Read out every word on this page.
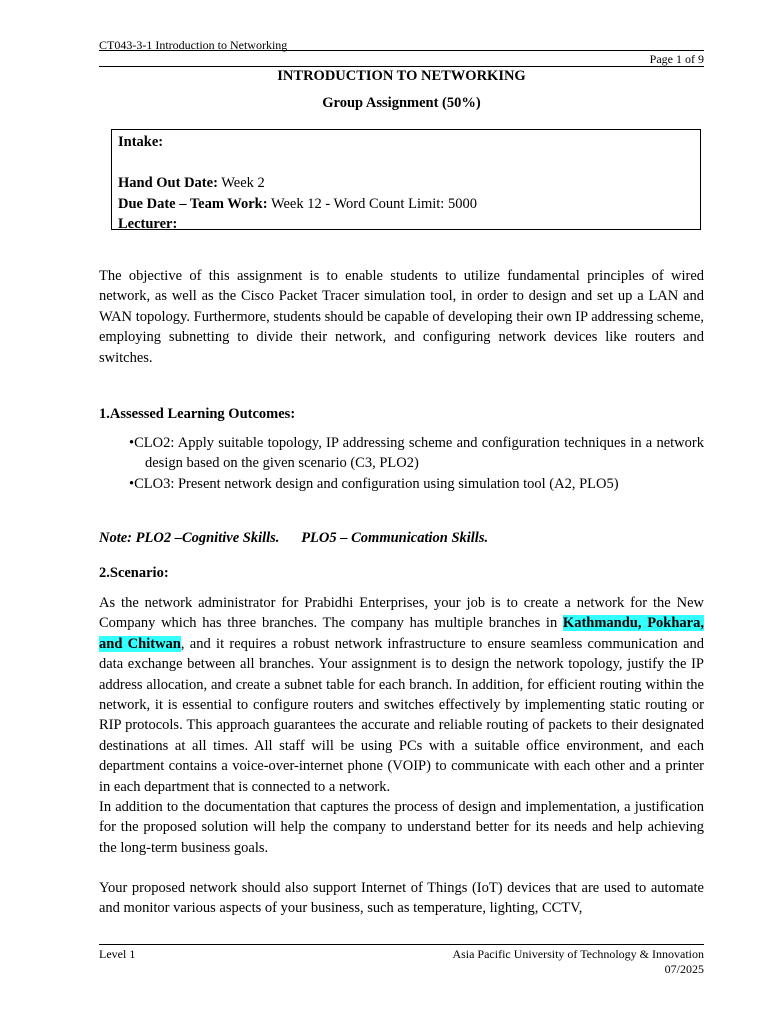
CT043-3-1 Introduction to Networking
Page 1 of 9
INTRODUCTION TO NETWORKING
Group Assignment (50%)
Intake:

Hand Out Date: Week 2
Due Date – Team Work: Week 12 - Word Count Limit: 5000
Lecturer:
The objective of this assignment is to enable students to utilize fundamental principles of wired network, as well as the Cisco Packet Tracer simulation tool, in order to design and set up a LAN and WAN topology. Furthermore, students should be capable of developing their own IP addressing scheme, employing subnetting to divide their network, and configuring network devices like routers and switches.
1.Assessed Learning Outcomes:
•CLO2: Apply suitable topology, IP addressing scheme and configuration techniques in a network design based on the given scenario (C3, PLO2)
•CLO3: Present network design and configuration using simulation tool (A2, PLO5)
Note: PLO2 –Cognitive Skills. PLO5 – Communication Skills.
2.Scenario:
As the network administrator for Prabidhi Enterprises, your job is to create a network for the New Company which has three branches. The company has multiple branches in Kathmandu, Pokhara, and Chitwan, and it requires a robust network infrastructure to ensure seamless communication and data exchange between all branches. Your assignment is to design the network topology, justify the IP address allocation, and create a subnet table for each branch. In addition, for efficient routing within the network, it is essential to configure routers and switches effectively by implementing static routing or RIP protocols. This approach guarantees the accurate and reliable routing of packets to their designated destinations at all times. All staff will be using PCs with a suitable office environment, and each department contains a voice-over-internet phone (VOIP) to communicate with each other and a printer in each department that is connected to a network.
In addition to the documentation that captures the process of design and implementation, a justification for the proposed solution will help the company to understand better for its needs and help achieving the long-term business goals.
Your proposed network should also support Internet of Things (IoT) devices that are used to automate and monitor various aspects of your business, such as temperature, lighting, CCTV,
Level 1	Asia Pacific University of Technology & Innovation
07/2025
